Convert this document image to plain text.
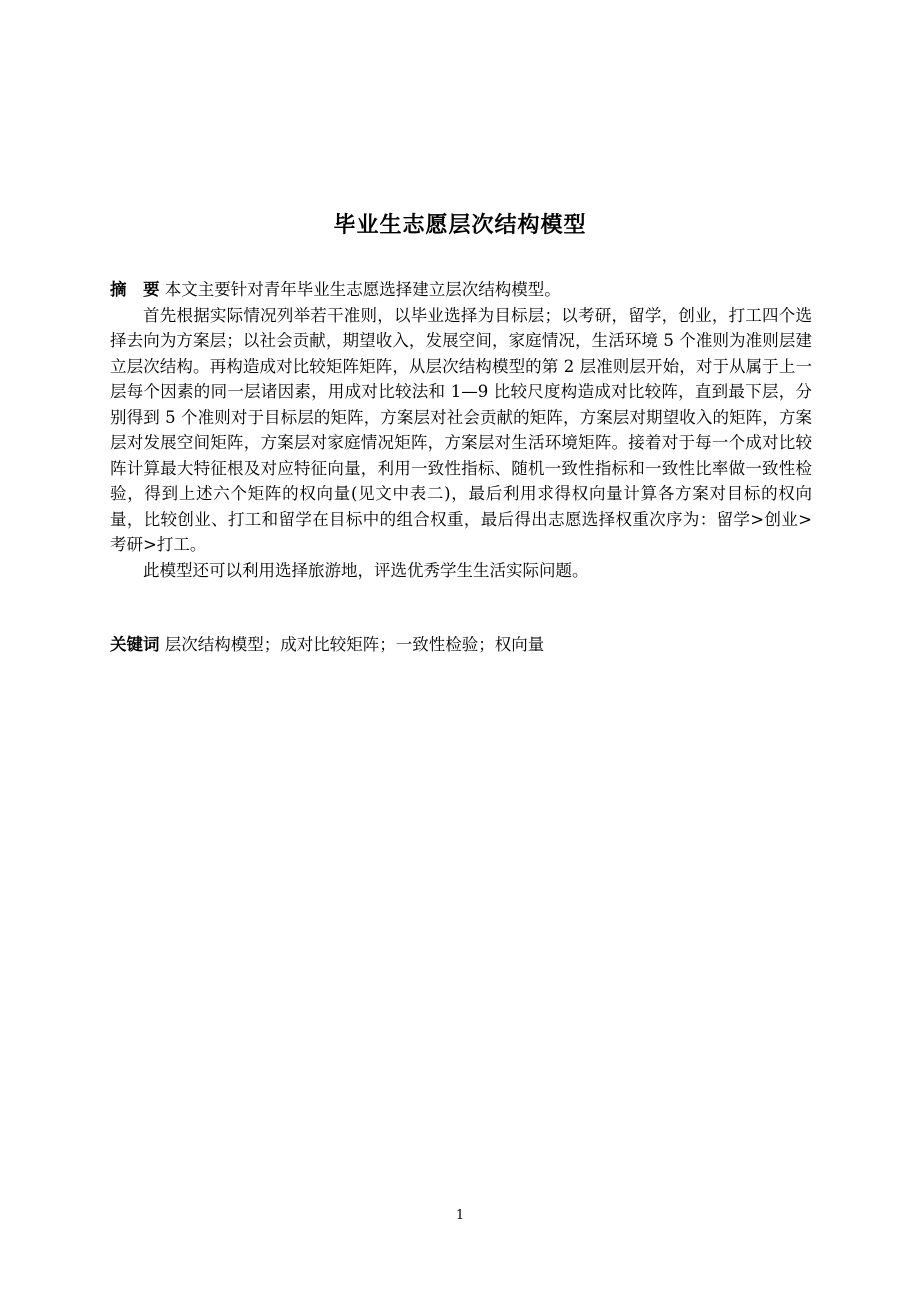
毕业生志愿层次结构模型

摘　要 本文主要针对青年毕业生志愿选择建立层次结构模型。

首先根据实际情况列举若干准则，以毕业选择为目标层；以考研，留学，创业，打工四个选择去向为方案层；以社会贡献，期望收入，发展空间，家庭情况，生活环境 5 个准则为准则层建立层次结构。再构造成对比较矩阵矩阵，从层次结构模型的第 2 层准则层开始，对于从属于上一层每个因素的同一层诸因素，用成对比较法和 1—9 比较尺度构造成对比较阵，直到最下层，分别得到 5 个准则对于目标层的矩阵，方案层对社会贡献的矩阵，方案层对期望收入的矩阵，方案层对发展空间矩阵，方案层对家庭情况矩阵，方案层对生活环境矩阵。接着对于每一个成对比较阵计算最大特征根及对应特征向量，利用一致性指标、随机一致性指标和一致性比率做一致性检验，得到上述六个矩阵的权向量(见文中表二)，最后利用求得权向量计算各方案对目标的权向量，比较创业、打工和留学在目标中的组合权重，最后得出志愿选择权重次序为：留学>创业>考研>打工。

此模型还可以利用选择旅游地，评选优秀学生生活实际问题。

关键词 层次结构模型；成对比较矩阵；一致性检验；权向量
1
